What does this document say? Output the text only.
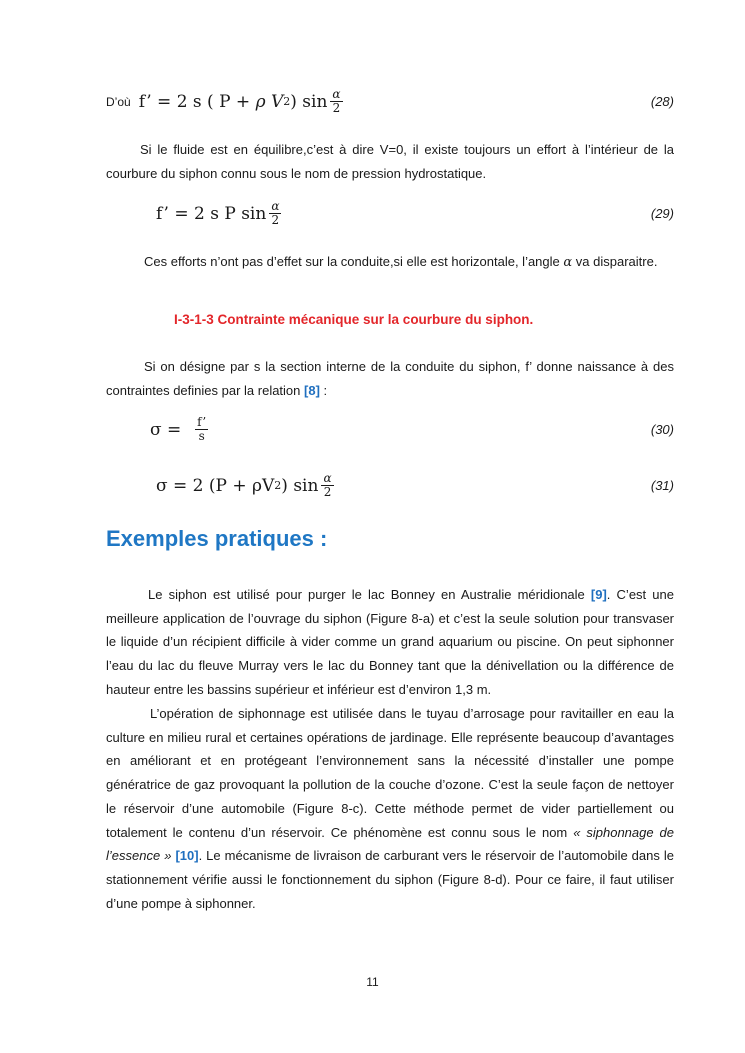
D’où f’ = 2 s ( P +
ρ
V 2 ) $\sin \frac{\alpha}{2}$	(28)
Si le fluide est en équilibre,c’est à dire V=0, il existe toujours un effort à l’intérieur de la courbure du siphon connu sous le nom de pression hydrostatique.
f’ = 2 s P $\sin \frac{\alpha}{2}$	(29)
Ces efforts n’ont pas d’effet sur la conduite,si elle est horizontale, l’angle α va disparaitre.
I-3-1-3 Contrainte mécanique sur la courbure du siphon.
Si on désigne par s la section interne de la conduite du siphon, f’ donne naissance à des contraintes definies par la relation [8] :
σ =
$\frac{f’}{s}$	(30)
σ = 2 (P +
ρ V 2 ) $\sin \frac{\alpha}{2}$	(31)
Exemples pratiques :
Le siphon est utilisé pour purger le lac Bonney en Australie méridionale [9]. C’est une meilleure application de l’ouvrage du siphon (Figure 8-a) et c’est la seule solution pour transvaser le liquide d’un récipient difficile à vider comme un grand aquarium ou piscine. On peut siphonner l’eau du lac du fleuve Murray vers le lac du Bonney tant que la dénivellation ou la différence de hauteur entre les bassins supérieur et inférieur est d’environ 1,3 m.
L’opération de siphonnage est utilisée dans le tuyau d’arrosage pour ravitailler en eau la culture en milieu rural et certaines opérations de jardinage. Elle représente beaucoup d’avantages en améliorant et en protégeant l’environnement sans la nécessité d’installer une pompe génératrice de gaz provoquant la pollution de la couche d’ozone. C’est la seule façon de nettoyer le réservoir d’une automobile (Figure 8-c). Cette méthode permet de vider partiellement ou totalement le contenu d’un réservoir. Ce phénomène est connu sous le nom « siphonnage de l’essence » [10]. Le mécanisme de livraison de carburant vers le réservoir de l’automobile dans le stationnement vérifie aussi le fonctionnement du siphon (Figure 8-d). Pour ce faire, il faut utiliser d’une pompe à siphonner.
11
